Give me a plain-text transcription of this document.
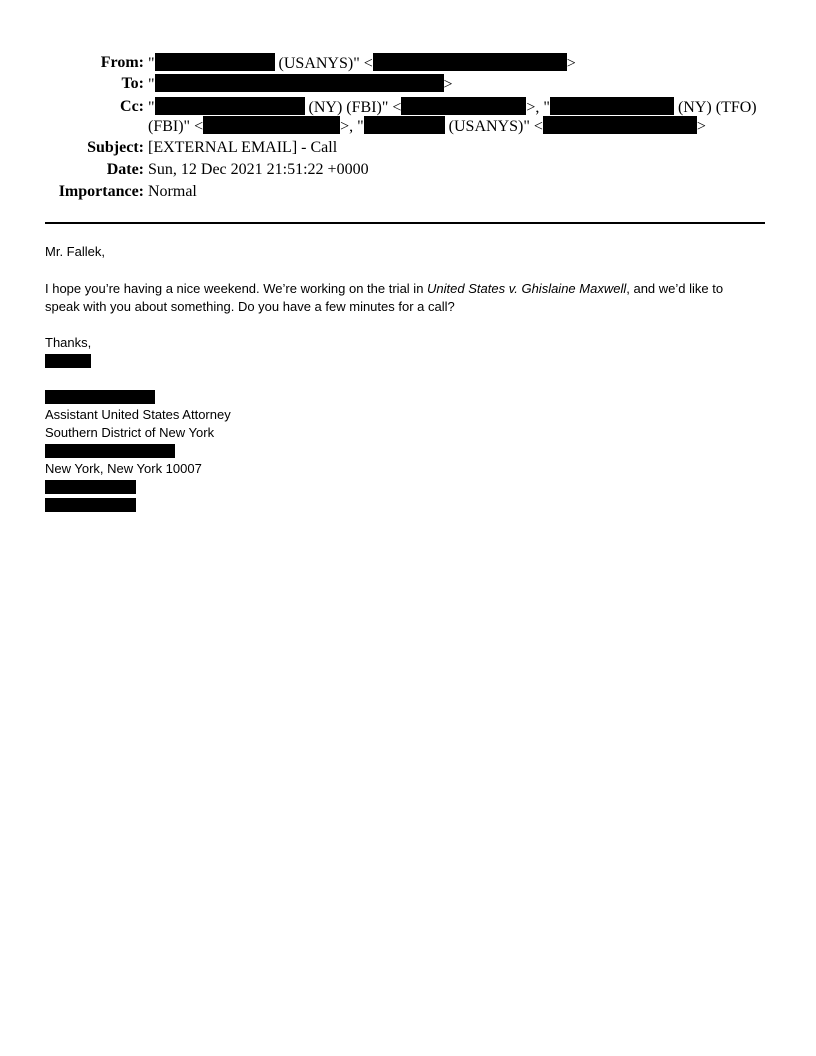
From: "	(USANYS)" <	>
To: "	>
Cc: "	(NY) (FBI)" <	>, "	(NY) (TFO)
(FBI)" <	>, "	(USANYS)" <	>
Subject: [EXTERNAL EMAIL] - Call
Date: Sun, 12 Dec 2021 21:51:22 +0000
Importance: Normal
Mr. Fallek,
I hope you’re having a nice weekend. We’re working on the trial in United States v. Ghislaine Maxwell, and we’d like to
speak with you about something. Do you have a few minutes for a call?
Thanks,
Assistant United States Attorney
Southern District of New York
New York, New York 10007
